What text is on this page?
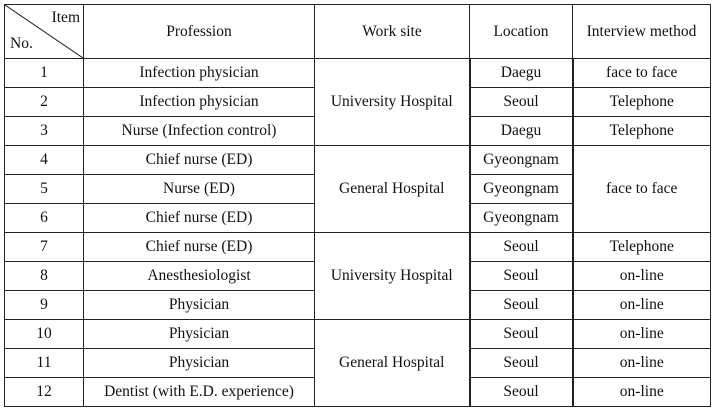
Item
No.	Profession	Work site	Location	Interview method
1	Infection physician	University Hospital	Daegu	face to face
2	Infection physician		Seoul	Telephone
3	Nurse (Infection control)		Daegu	Telephone
4	Chief nurse (ED)	General Hospital	Gyeongnam	face to face
5	Nurse (ED)		Gyeongnam	
6	Chief nurse (ED)		Gyeongnam	
7	Chief nurse (ED)	University Hospital	Seoul	Telephone
8	Anesthesiologist		Seoul	on-line
9	Physician		Seoul	on-line
10	Physician	General Hospital	Seoul	on-line
11	Physician		Seoul	on-line
12	Dentist (with E.D. experience)		Seoul	on-line
